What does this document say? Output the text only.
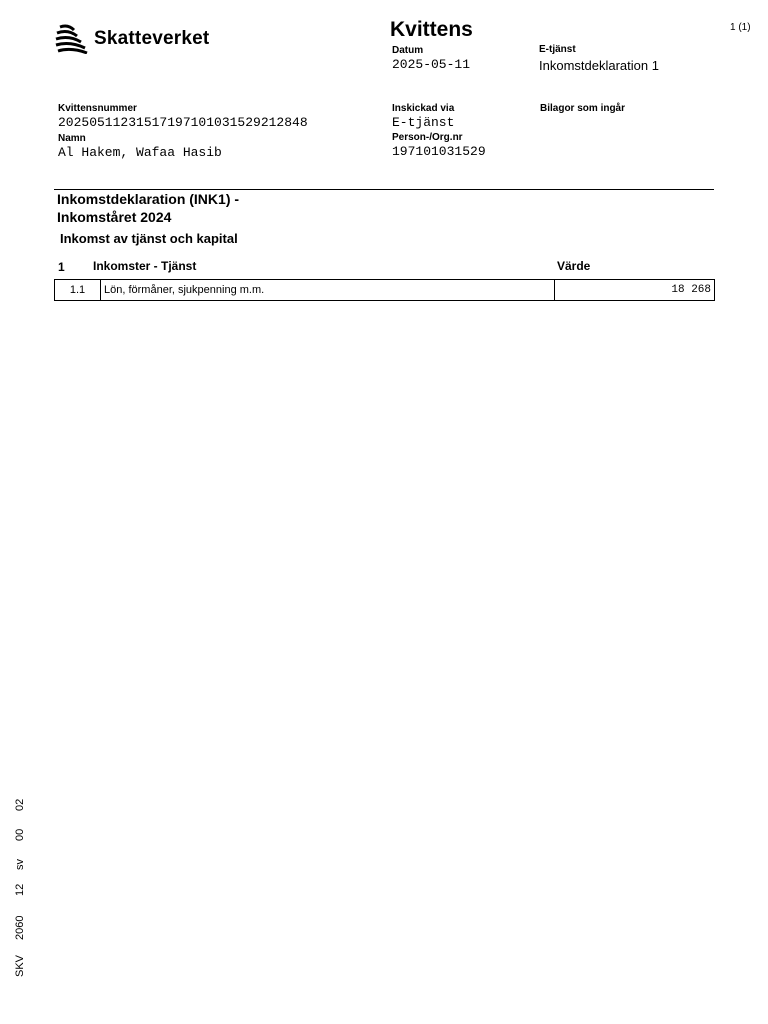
Skatteverket	Kvittens	1 (1)
Datum
2025-05-11
E-tjänst
Inkomstdeklaration 1
Kvittensnummer
20250511231517197101031529212848
Inskickad via
E-tjänst
Bilagor som ingår
Namn
Al Hakem, Wafaa Hasib
Person-/Org.nr
197101031529
Inkomstdeklaration (INK1) -
Inkomståret 2024
Inkomst av tjänst och kapital
1 Inkomster - Tjänst	Värde
1.1	Lön, förmåner, sjukpenning m.m.	18 268
SKV
2060
12
sv
00
02
